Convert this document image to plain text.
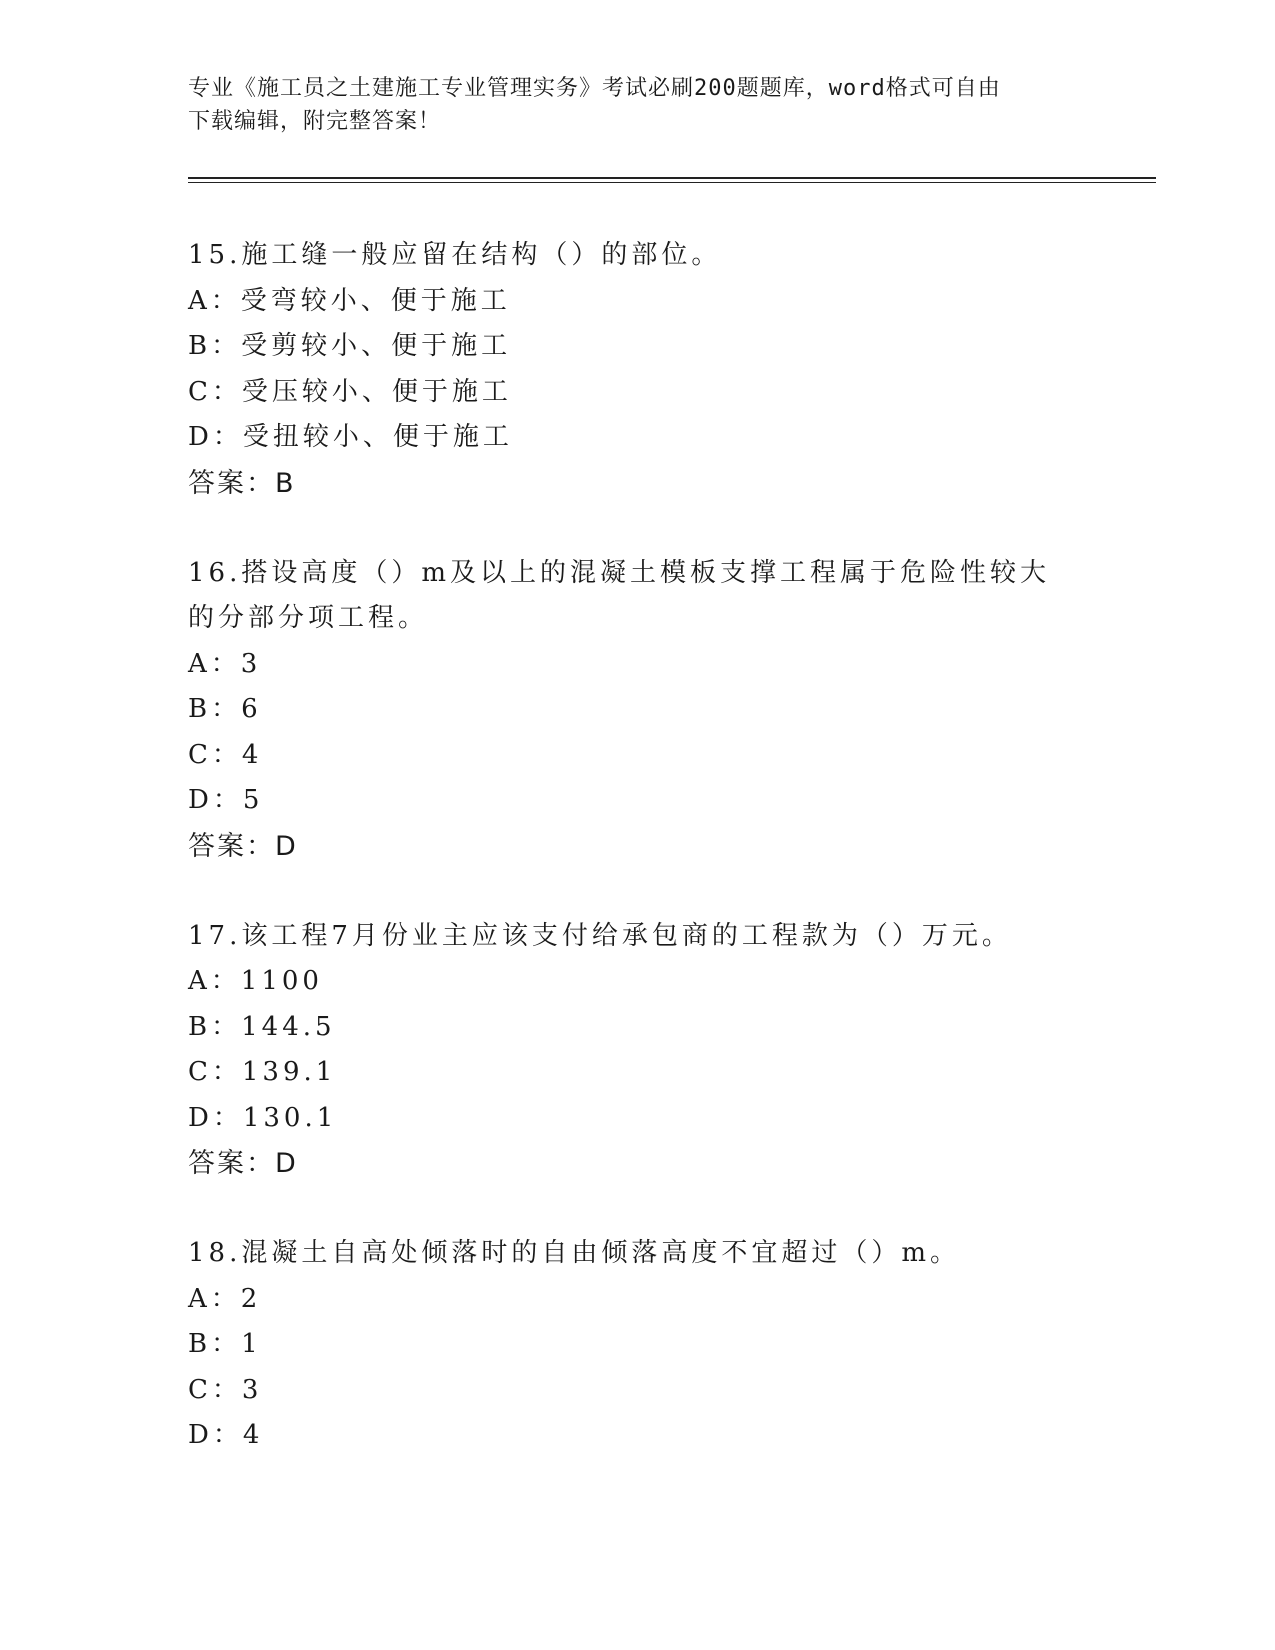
专业《施工员之土建施工专业管理实务》考试必刷200题题库，word格式可自由
下载编辑，附完整答案！
15.施工缝一般应留在结构（）的部位。
A：受弯较小、便于施工
B：受剪较小、便于施工
C：受压较小、便于施工
D：受扭较小、便于施工
答案：B
16.搭设高度（）m及以上的混凝土模板支撑工程属于危险性较大的分部分项工程。
A：3
B：6
C：4
D：5
答案：D
17.该工程7月份业主应该支付给承包商的工程款为（）万元。
A：1100
B：144.5
C：139.1
D：130.1
答案：D
18.混凝土自高处倾落时的自由倾落高度不宜超过（）m。
A：2
B：1
C：3
D：4
